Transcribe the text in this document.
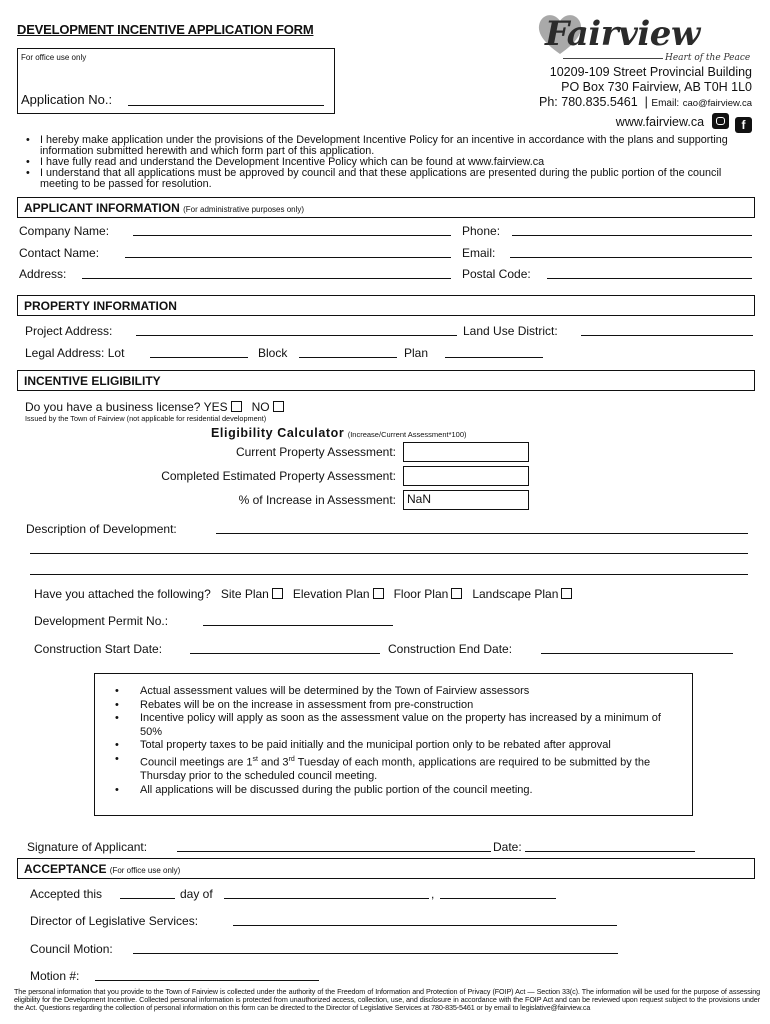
DEVELOPMENT INCENTIVE APPLICATION FORM
For office use only
Application No.:
Fairview
Heart of the Peace
10209-109 Street Provincial Building
PO Box 730 Fairview, AB T0H 1L0
Ph: 780.835.5461 | Email: cao@fairview.ca
www.fairview.ca	f
• I hereby make application under the provisions of the Development Incentive Policy for an incentive in accordance with the plans and supporting information submitted herewith and which form part of this application.
• I have fully read and understand the Development Incentive Policy which can be found at www.fairview.ca
• I understand that all applications must be approved by council and that these applications are presented during the public portion of the council meeting to be passed for resolution.
APPLICANT INFORMATION (For administrative purposes only)
Company Name:	Phone:
Contact Name:	Email:
Address:	Postal Code:
PROPERTY INFORMATION
Project Address:	Land Use District:
Legal Address: Lot	Block	Plan
INCENTIVE ELIGIBILITY
Do you have a business license? YES NO
Issued by the Town of Fairview (not applicable for residential development)
Eligibility Calculator (Increase/Current Assessment*100)
Current Property Assessment:
Completed Estimated Property Assessment:
% of Increase in Assessment: NaN
Description of Development:
Have you attached the following? Site Plan Elevation Plan Floor Plan Landscape Plan
Development Permit No.:
Construction Start Date:	Construction End Date:
• Actual assessment values will be determined by the Town of Fairview assessors
• Rebates will be on the increase in assessment from pre-construction
• Incentive policy will apply as soon as the assessment value on the property has increased by a minimum of 50%
• Total property taxes to be paid initially and the municipal portion only to be rebated after approval
• Council meetings are 1st and 3rd Tuesday of each month, applications are required to be submitted by the Thursday prior to the scheduled council meeting.
• All applications will be discussed during the public portion of the council meeting.
Signature of Applicant:	Date:
ACCEPTANCE (For office use only)
Accepted this	day of	,
Director of Legislative Services:
Council Motion:
Motion #:
The personal information that you provide to the Town of Fairview is collected under the authority of the Freedom of Information and Protection of Privacy (FOIP) Act — Section 33(c). The information will be used for the purpose of assessing eligibility for the Development Incentive. Collected personal information is protected from unauthorized access, collection, use, and disclosure in accordance with the FOIP Act and can be reviewed upon request subject to the provisions under the Act. Questions regarding the collection of personal information on this form can be directed to the Director of Legislative Services at 780-835-5461 or by email to legislative@fairview.ca
